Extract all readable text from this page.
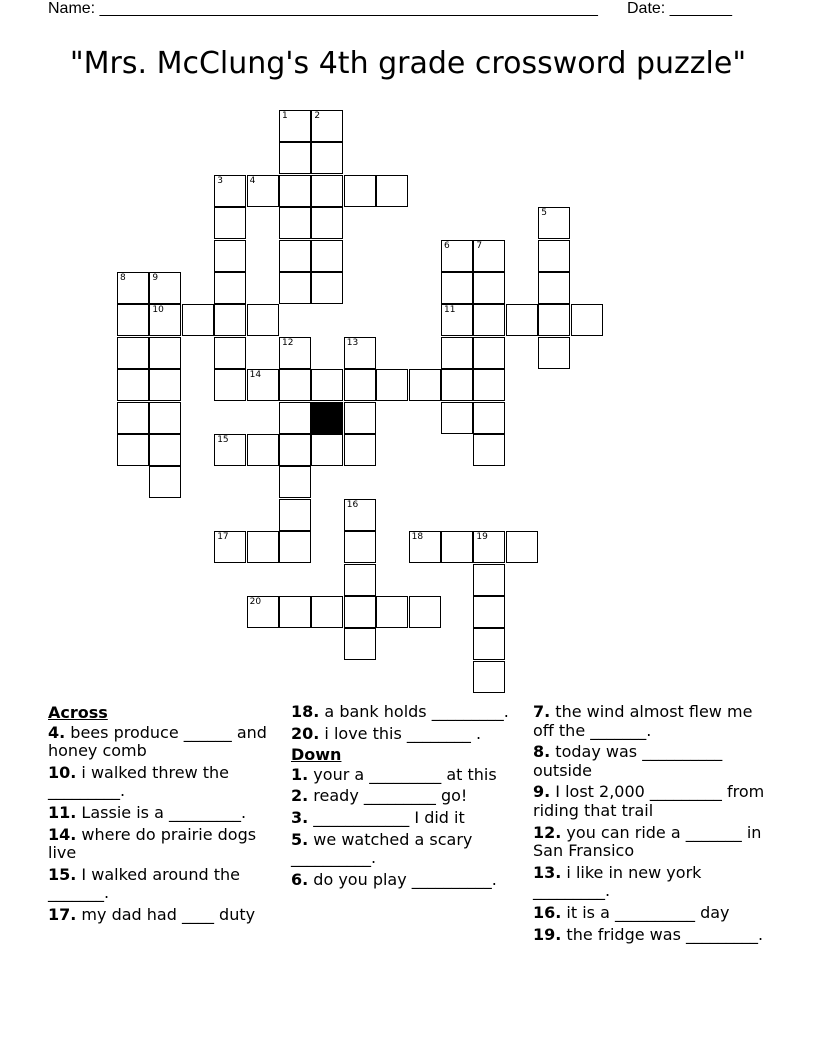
Name: ________________________________________________________ Date: _______
"Mrs. McClung's 4th grade crossword puzzle"
1	2
3	4
5
6	7
8	9
10	11
12	13
14
15
16
17	18	19
20
Across
4. bees produce ______ and honey comb
10. i walked threw the _________.
11. Lassie is a _________.
14. where do prairie dogs live
15. I walked around the _______.
17. my dad had ____ duty
18. a bank holds _________.
20. i love this ________ .
Down
1. your a _________ at this
2. ready _________ go!
3. ____________ I did it
5. we watched a scary __________.
6. do you play __________.
7. the wind almost flew me off the _______.
8. today was __________ outside
9. I lost 2,000 _________ from riding that trail
12. you can ride a _______ in San Fransico
13. i like in new york _________.
16. it is a __________ day
19. the fridge was _________.
